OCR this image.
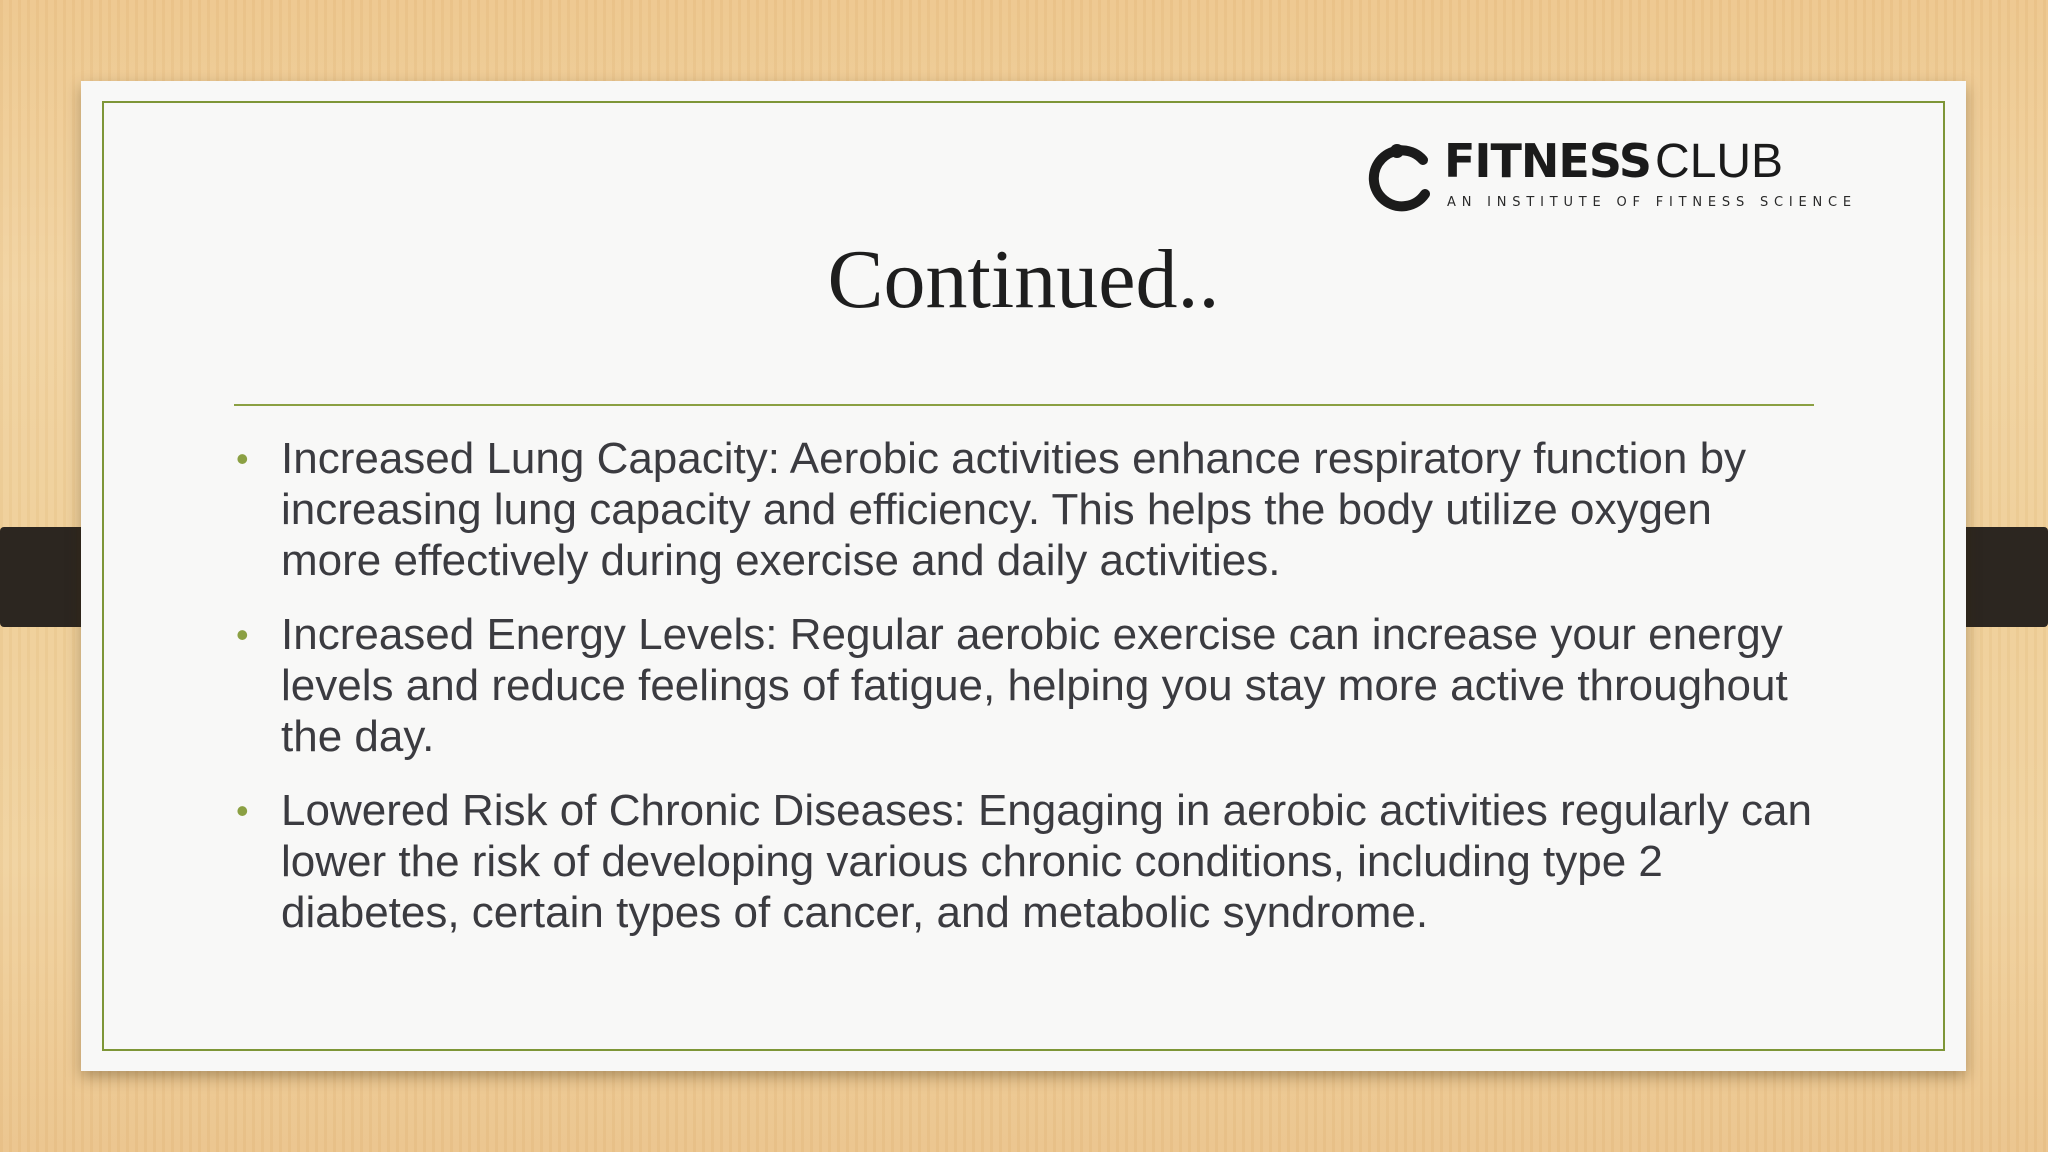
FITNESSCLUB
AN INSTITUTE OF FITNESS SCIENCE
Continued..
• Increased Lung Capacity: Aerobic activities enhance respiratory function by increasing lung capacity and efficiency. This helps the body utilize oxygen more effectively during exercise and daily activities.
• Increased Energy Levels: Regular aerobic exercise can increase your energy levels and reduce feelings of fatigue, helping you stay more active throughout the day.
• Lowered Risk of Chronic Diseases: Engaging in aerobic activities regularly can lower the risk of developing various chronic conditions, including type 2 diabetes, certain types of cancer, and metabolic syndrome.
